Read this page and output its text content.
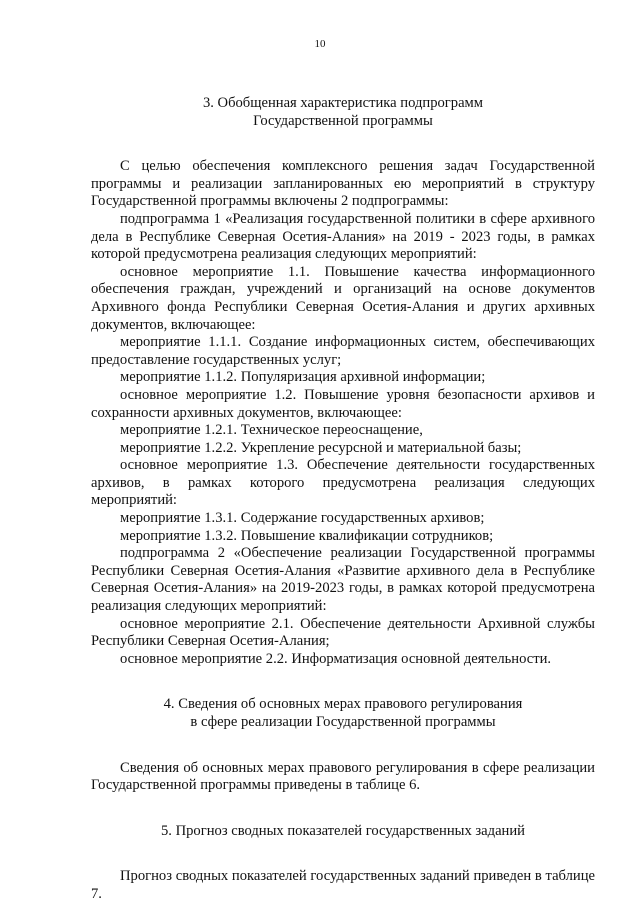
10
3. Обобщенная характеристика подпрограмм
Государственной программы

С целью обеспечения комплексного решения задач Государственной программы и реализации запланированных ею мероприятий в структуру Государственной программы включены 2 подпрограммы:

подпрограмма 1 «Реализация государственной политики в сфере архивного дела в Республике Северная Осетия-Алания» на 2019 - 2023 годы, в рамках которой предусмотрена реализация следующих мероприятий:

основное мероприятие 1.1. Повышение качества информационного обеспечения граждан, учреждений и организаций на основе документов Архивного фонда Республики Северная Осетия-Алания и других архивных документов, включающее:

мероприятие 1.1.1. Создание информационных систем, обеспечивающих предоставление государственных услуг;

мероприятие 1.1.2. Популяризация архивной информации;

основное мероприятие 1.2. Повышение уровня безопасности архивов и сохранности архивных документов, включающее:

мероприятие 1.2.1. Техническое переоснащение,

мероприятие 1.2.2. Укрепление ресурсной и материальной базы;

основное мероприятие 1.3. Обеспечение деятельности государственных архивов, в рамках которого предусмотрена реализация следующих мероприятий:

мероприятие 1.3.1. Содержание государственных архивов;

мероприятие 1.3.2. Повышение квалификации сотрудников;

подпрограмма 2 «Обеспечение реализации Государственной программы Республики Северная Осетия-Алания «Развитие архивного дела в Республике Северная Осетия-Алания» на 2019-2023 годы, в рамках которой предусмотрена реализация следующих мероприятий:

основное мероприятие 2.1. Обеспечение деятельности Архивной службы Республики Северная Осетия-Алания;

основное мероприятие 2.2. Информатизация основной деятельности.

4. Сведения об основных мерах правового регулирования
в сфере реализации Государственной программы

Сведения об основных мерах правового регулирования в сфере реализации Государственной программы приведены в таблице 6.

5. Прогноз сводных показателей государственных заданий

Прогноз сводных показателей государственных заданий приведен в таблице 7.
